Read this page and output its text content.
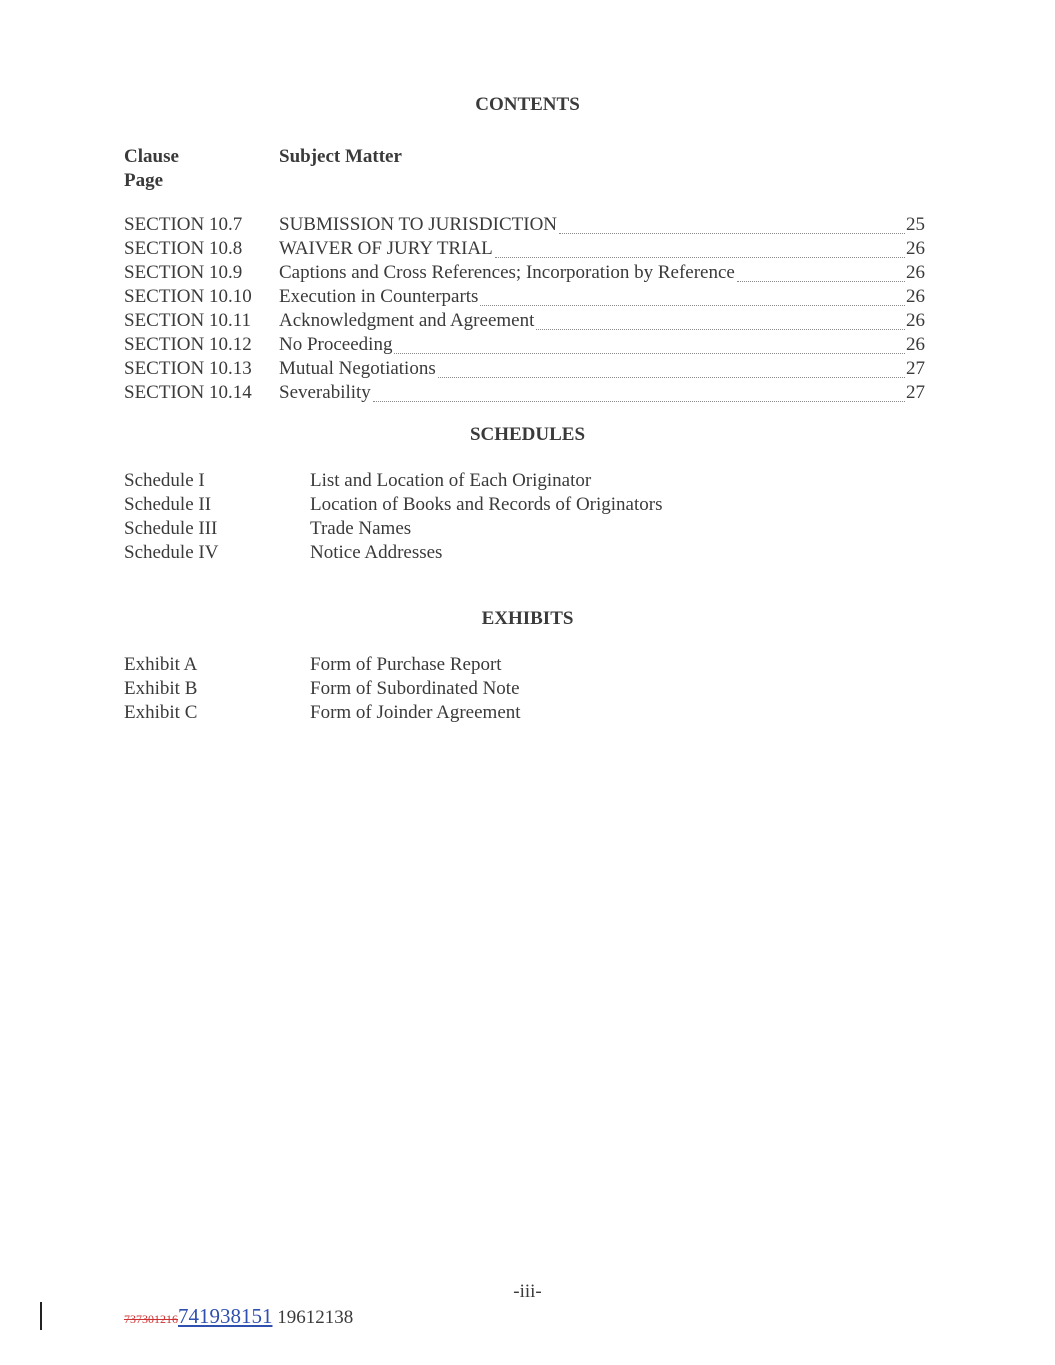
CONTENTS
Clause	Subject Matter
Page
SECTION 10.7 SUBMISSION TO JURISDICTION	25
SECTION 10.8 WAIVER OF JURY TRIAL	26
SECTION 10.9 Captions and Cross References; Incorporation by Reference	26
SECTION 10.10 Execution in Counterparts	26
SECTION 10.11 Acknowledgment and Agreement	26
SECTION 10.12 No Proceeding	26
SECTION 10.13 Mutual Negotiations	27
SECTION 10.14 Severability	27
SCHEDULES
Schedule I	List and Location of Each Originator
Schedule II	Location of Books and Records of Originators
Schedule III	Trade Names
Schedule IV	Notice Addresses
EXHIBITS
Exhibit A	Form of Purchase Report
Exhibit B	Form of Subordinated Note
Exhibit C	Form of Joinder Agreement
-iii-
737301216741938151 19612138
